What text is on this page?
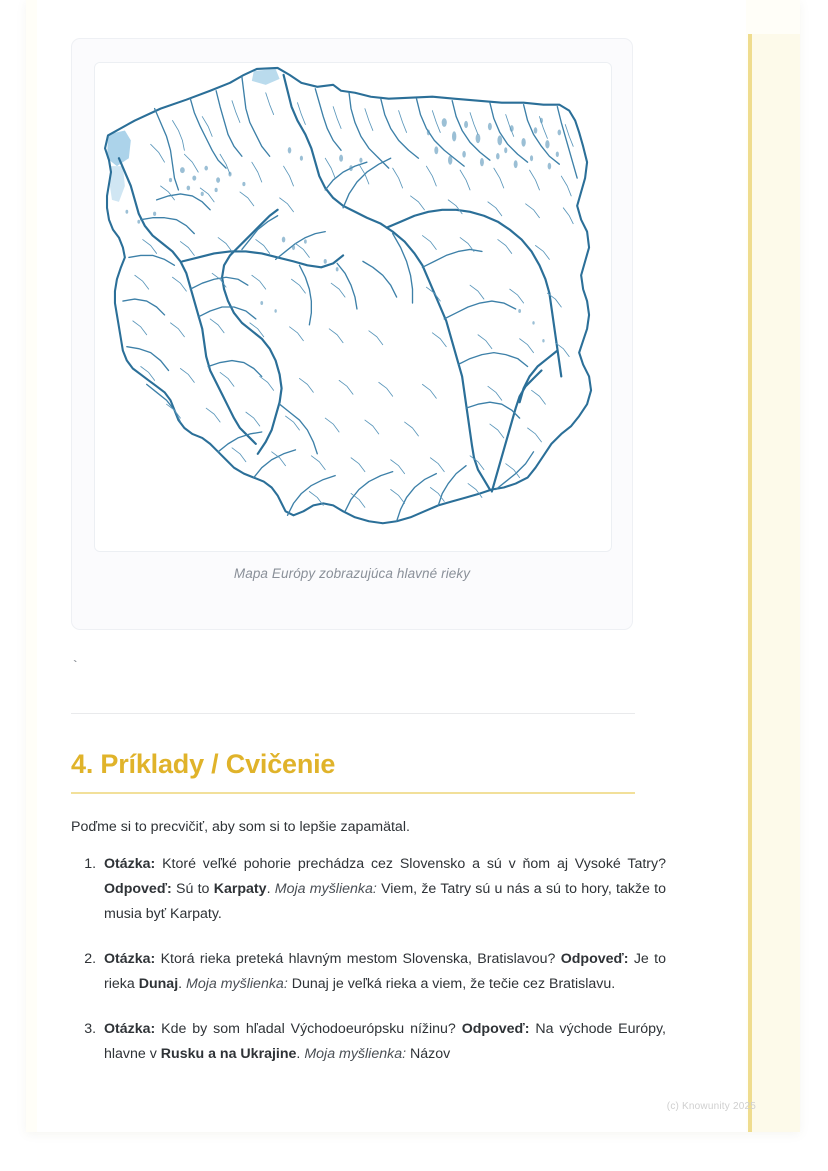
Mapa Európy zobrazujúca hlavné rieky
`
4. Príklady / Cvičenie
Poďme si to precvičiť, aby som si to lepšie zapamätal.
1. Otázka: Ktoré veľké pohorie prechádza cez Slovensko a sú v ňom aj Vysoké Tatry? Odpoveď: Sú to Karpaty. Moja myšlienka: Viem, že Tatry sú u nás a sú to hory, takže to musia byť Karpaty.
2. Otázka: Ktorá rieka preteká hlavným mestom Slovenska, Bratislavou? Odpoveď: Je to rieka Dunaj. Moja myšlienka: Dunaj je veľká rieka a viem, že tečie cez Bratislavu.
3. Otázka: Kde by som hľadal Východoeurópsku nížinu? Odpoveď: Na východe Európy, hlavne v Rusku a na Ukrajine. Moja myšlienka: Názov
(c) Knowunity 2025
